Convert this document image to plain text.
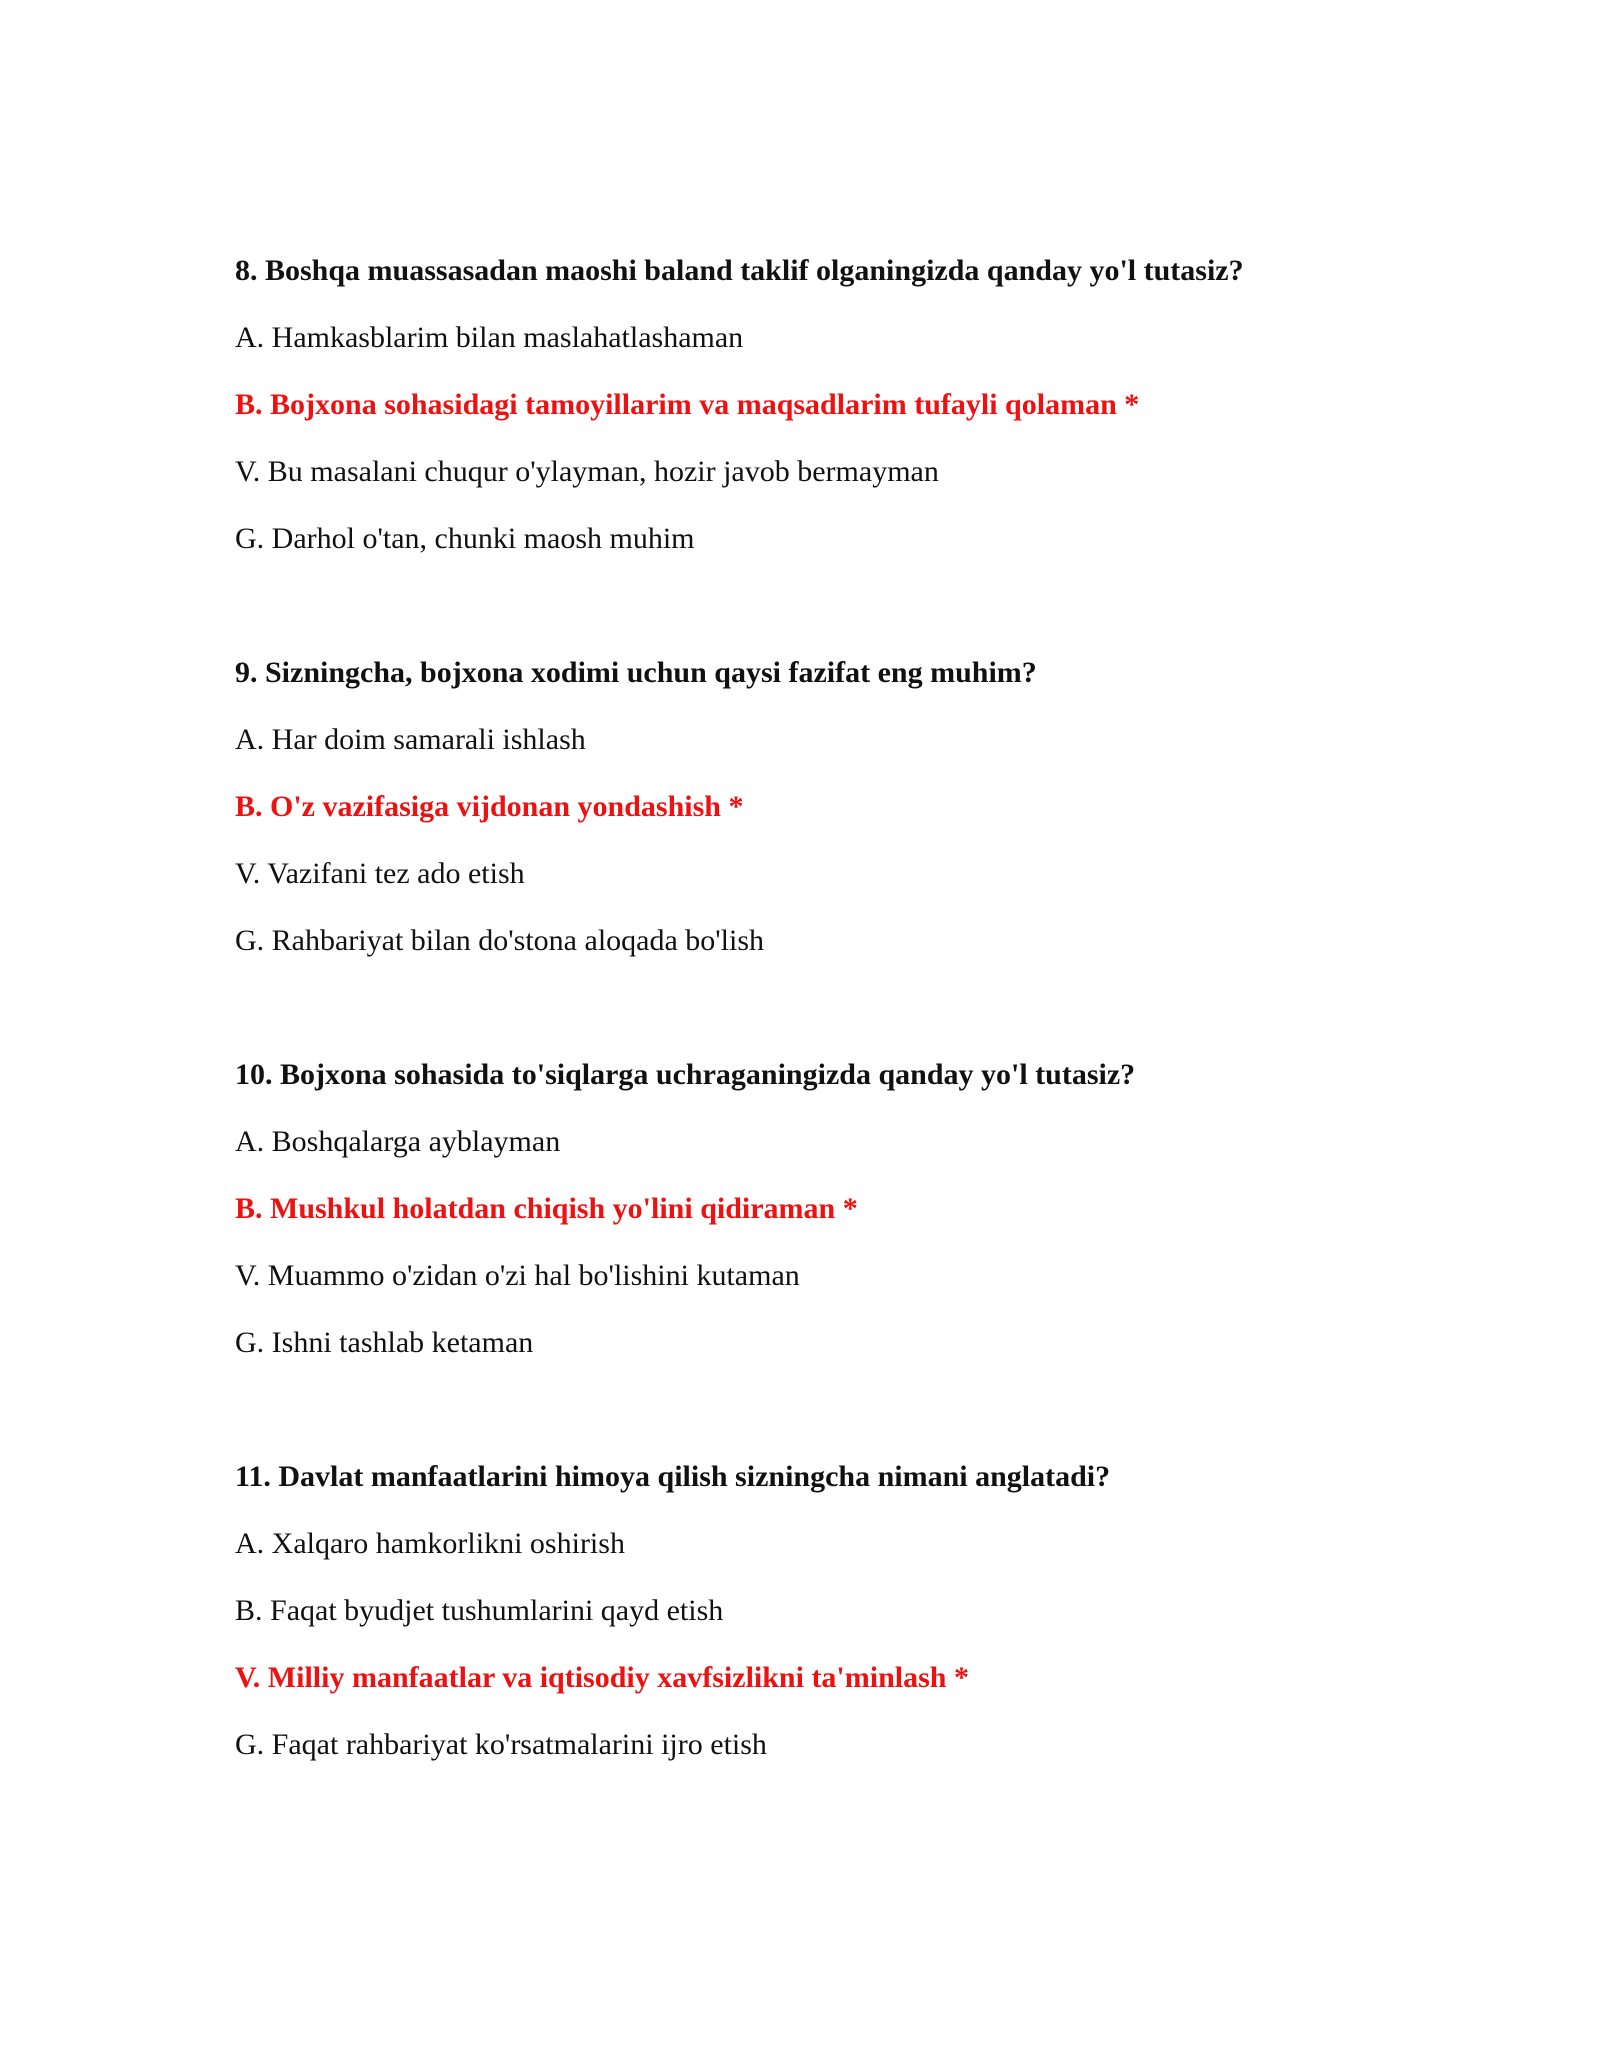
8. Boshqa muassasadan maoshi baland taklif olganingizda qanday yo'l tutasiz?
A. Hamkasblarim bilan maslahatlashaman
B. Bojxona sohasidagi tamoyillarim va maqsadlarim tufayli qolaman *
V. Bu masalani chuqur o'ylayman, hozir javob bermayman
G. Darhol o'tan, chunki maosh muhim
9. Sizningcha, bojxona xodimi uchun qaysi fazifat eng muhim?
A. Har doim samarali ishlash
B. O'z vazifasiga vijdonan yondashish *
V. Vazifani tez ado etish
G. Rahbariyat bilan do'stona aloqada bo'lish
10. Bojxona sohasida to'siqlarga uchraganingizda qanday yo'l tutasiz?
A. Boshqalarga ayblayman
B. Mushkul holatdan chiqish yo'lini qidiraman *
V. Muammo o'zidan o'zi hal bo'lishini kutaman
G. Ishni tashlab ketaman
11. Davlat manfaatlarini himoya qilish sizningcha nimani anglatadi?
A. Xalqaro hamkorlikni oshirish
B. Faqat byudjet tushumlarini qayd etish
V. Milliy manfaatlar va iqtisodiy xavfsizlikni ta'minlash *
G. Faqat rahbariyat ko'rsatmalarini ijro etish
